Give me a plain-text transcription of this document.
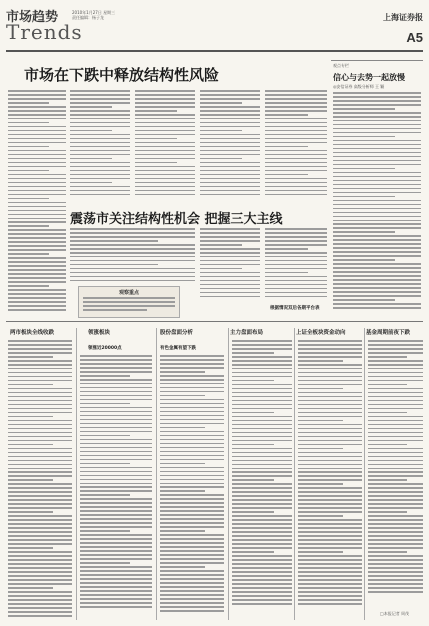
市场趋势
Trends
2010年1月27日 星期三
责任编辑：杨子龙	上海证券报
A5
市场在下跌中释放结构性风险
观点专栏
信心与去势一起放慢
◎安信证券 高级分析师 王 颖
震荡市关注结构性机会 把握三大主线
观察重点
根据情况双后各期平台表
两市板块全线收跌	领涨板块	股份盘面分析	主力盘面布局	上证全板块资金动向	基金周期前夜下跌
领涨近20000点	有色金属有望下跌
□本报记者 周茂
